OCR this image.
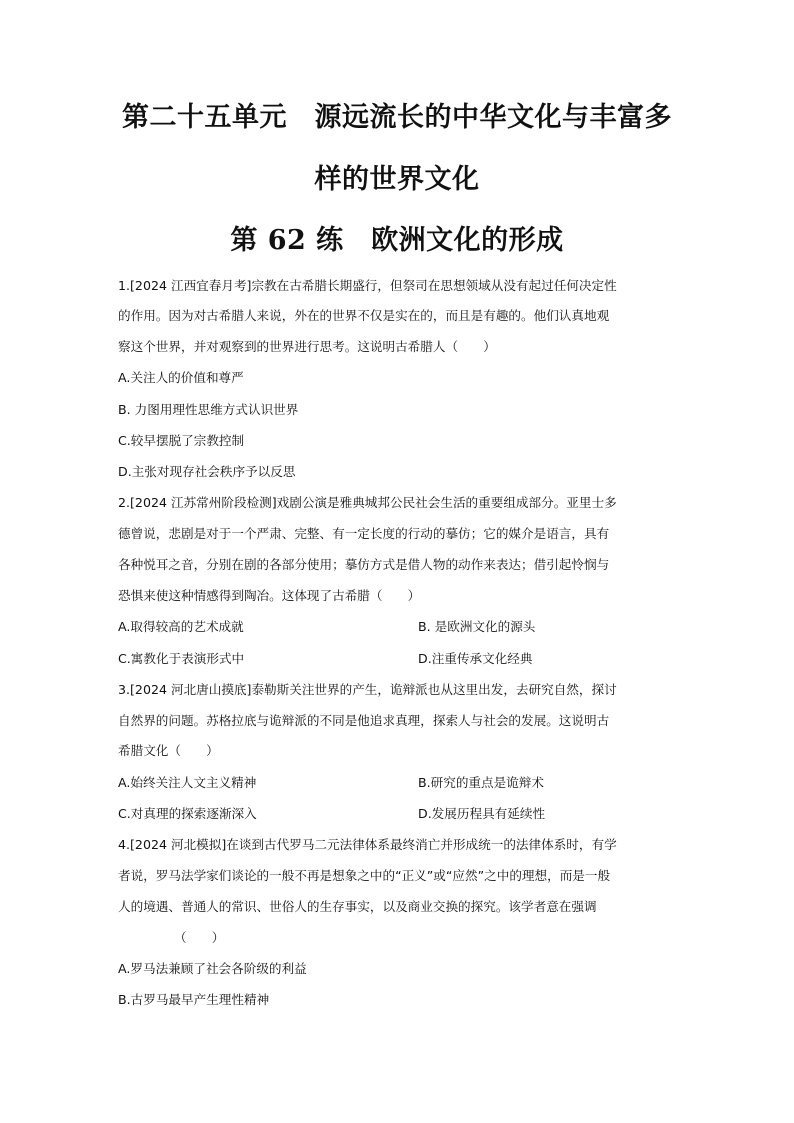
第二十五单元　源远流长的中华文化与丰富多
样的世界文化
第 62 练　欧洲文化的形成

1.[2024 江西宜春月考]宗教在古希腊长期盛行，但祭司在思想领域从没有起过任何决定性

的作用。因为对古希腊人来说，外在的世界不仅是实在的，而且是有趣的。他们认真地观

察这个世界，并对观察到的世界进行思考。这说明古希腊人（　　）

A.关注人的价值和尊严

B. 力图用理性思维方式认识世界

C.较早摆脱了宗教控制

D.主张对现存社会秩序予以反思

2.[2024 江苏常州阶段检测]戏剧公演是雅典城邦公民社会生活的重要组成部分。亚里士多

德曾说，悲剧是对于一个严肃、完整、有一定长度的行动的摹仿；它的媒介是语言，具有

各种悦耳之音，分别在剧的各部分使用；摹仿方式是借人物的动作来表达；借引起怜悯与

恐惧来使这种情感得到陶冶。这体现了古希腊（　　）

A.取得较高的艺术成就	B. 是欧洲文化的源头

C.寓教化于表演形式中	D.注重传承文化经典

3.[2024 河北唐山摸底]泰勒斯关注世界的产生，诡辩派也从这里出发，去研究自然，探讨

自然界的问题。苏格拉底与诡辩派的不同是他追求真理，探索人与社会的发展。这说明古

希腊文化（　　）

A.始终关注人文主义精神	B.研究的重点是诡辩术

C.对真理的探索逐渐深入	D.发展历程具有延续性

4.[2024 河北模拟]在谈到古代罗马二元法律体系最终消亡并形成统一的法律体系时，有学

者说，罗马法学家们谈论的一般不再是想象之中的“正义”或“应然”之中的理想，而是一般

人的境遇、普通人的常识、世俗人的生存事实，以及商业交换的探究。该学者意在强调

（　　）

A.罗马法兼顾了社会各阶级的利益

B.古罗马最早产生理性精神
